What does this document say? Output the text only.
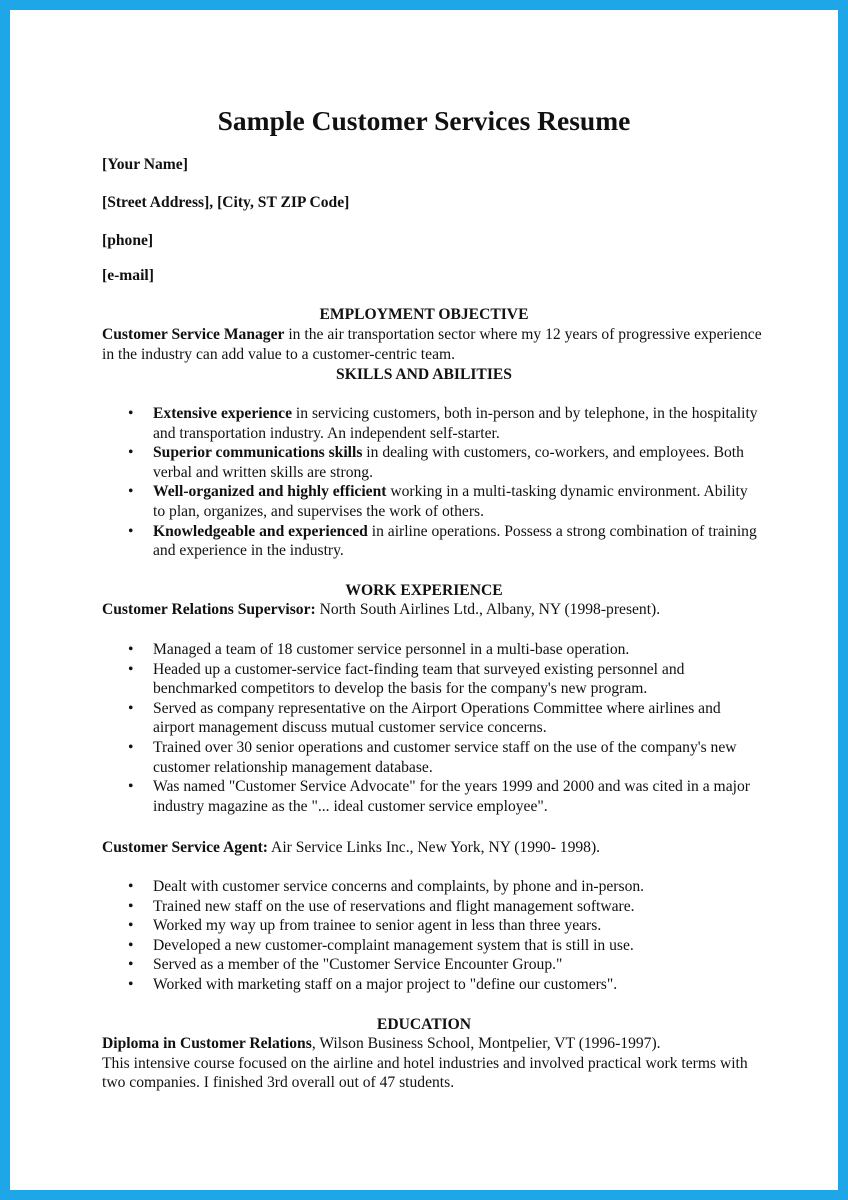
Sample Customer Services Resume
[Your Name]
[Street Address], [City, ST ZIP Code]
[phone]
[e-mail]
EMPLOYMENT OBJECTIVE

Customer Service Manager in the air transportation sector where my 12 years of progressive experience in the industry can add value to a customer-centric team.

SKILLS AND ABILITIES
• Extensive experience in servicing customers, both in-person and by telephone, in the hospitality and transportation industry. An independent self-starter.
• Superior communications skills in dealing with customers, co-workers, and employees. Both verbal and written skills are strong.
• Well-organized and highly efficient working in a multi-tasking dynamic environment. Ability to plan, organizes, and supervises the work of others.
• Knowledgeable and experienced in airline operations. Possess a strong combination of training and experience in the industry.
WORK EXPERIENCE

Customer Relations Supervisor: North South Airlines Ltd., Albany, NY (1998-present).

• Managed a team of 18 customer service personnel in a multi-base operation.
• Headed up a customer-service fact-finding team that surveyed existing personnel and benchmarked competitors to develop the basis for the company's new program.
• Served as company representative on the Airport Operations Committee where airlines and airport management discuss mutual customer service concerns.
• Trained over 30 senior operations and customer service staff on the use of the company's new customer relationship management database.
• Was named "Customer Service Advocate" for the years 1999 and 2000 and was cited in a major industry magazine as the "... ideal customer service employee".

Customer Service Agent: Air Service Links Inc., New York, NY (1990- 1998).

• Dealt with customer service concerns and complaints, by phone and in-person.
• Trained new staff on the use of reservations and flight management software.
• Worked my way up from trainee to senior agent in less than three years.
• Developed a new customer-complaint management system that is still in use.
• Served as a member of the "Customer Service Encounter Group."
• Worked with marketing staff on a major project to "define our customers".
EDUCATION

Diploma in Customer Relations, Wilson Business School, Montpelier, VT (1996-1997).
This intensive course focused on the airline and hotel industries and involved practical work terms with two companies. I finished 3rd overall out of 47 students.
